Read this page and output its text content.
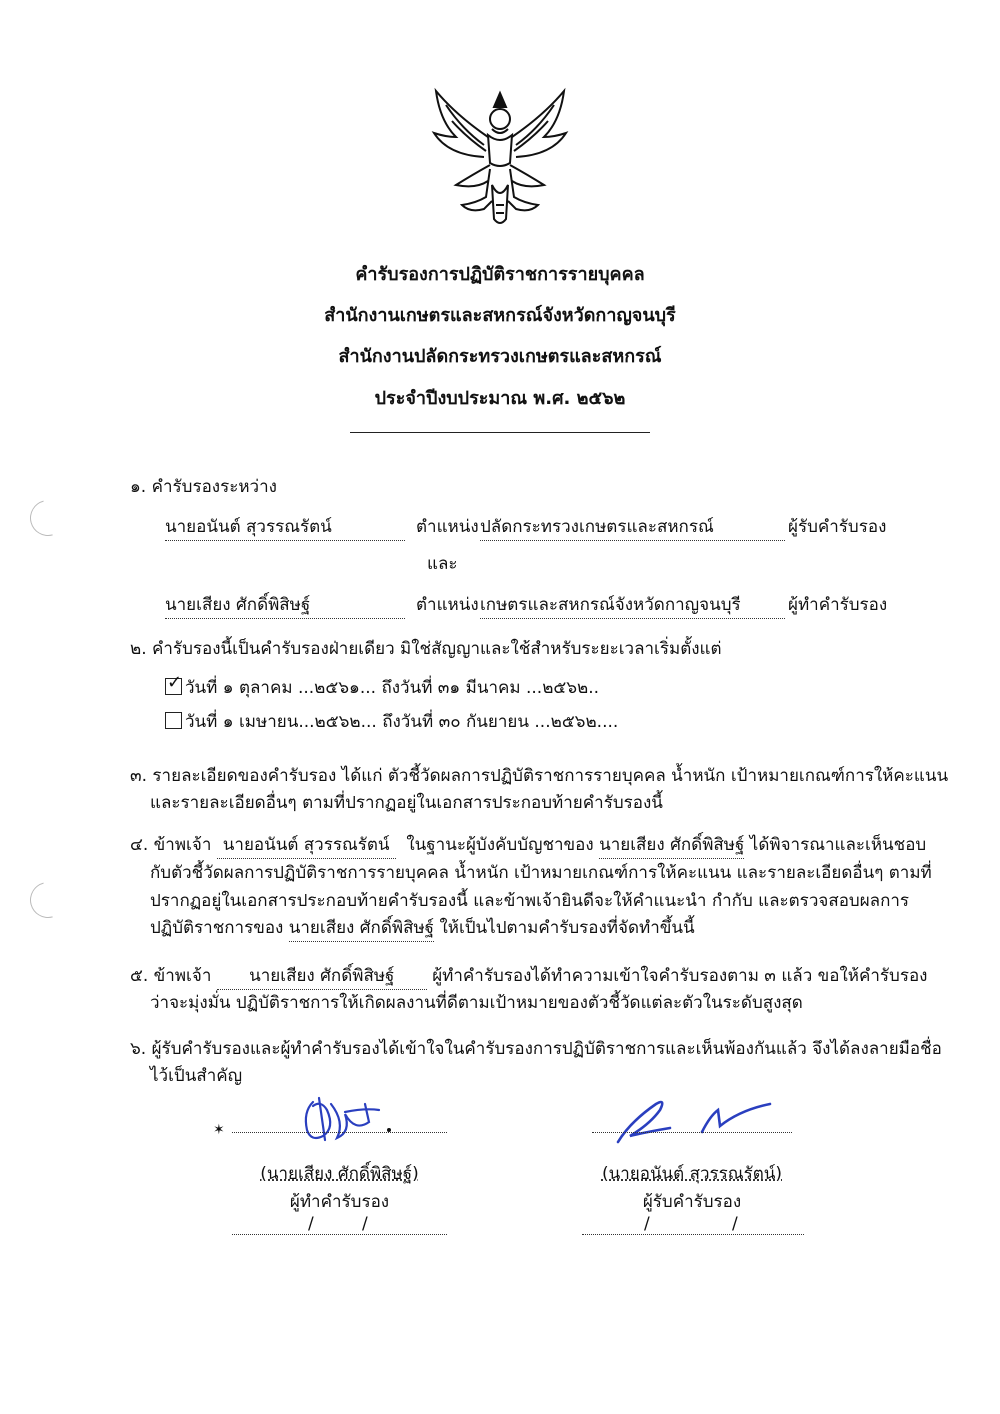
คำรับรองการปฏิบัติราชการรายบุคคล
สำนักงานเกษตรและสหกรณ์จังหวัดกาญจนบุรี
สำนักงานปลัดกระทรวงเกษตรและสหกรณ์
ประจำปีงบประมาณ พ.ศ. ๒๕๖๒
๑. คำรับรองระหว่าง
นายอนันต์ สุวรรณรัตน์	ตำแหน่ง ปลัดกระทรวงเกษตรและสหกรณ์	ผู้รับคำรับรอง
และ
นายเสียง ศักดิ์พิสิษฐ์	ตำแหน่ง เกษตรและสหกรณ์จังหวัดกาญจนบุรี	ผู้ทำคำรับรอง
๒. คำรับรองนี้เป็นคำรับรองฝ่ายเดียว มิใช่สัญญาและใช้สำหรับระยะเวลาเริ่มตั้งแต่
✓ วันที่ ๑ ตุลาคม ...๒๕๖๑... ถึงวันที่ ๓๑ มีนาคม ...๒๕๖๒..
วันที่ ๑ เมษายน...๒๕๖๒... ถึงวันที่ ๓๐ กันยายน ...๒๕๖๒....
๓. รายละเอียดของคำรับรอง ได้แก่ ตัวชี้วัดผลการปฏิบัติราชการรายบุคคล น้ำหนัก เป้าหมายเกณฑ์การให้คะแนน
และรายละเอียดอื่นๆ ตามที่ปรากฏอยู่ในเอกสารประกอบท้ายคำรับรองนี้
๔. ข้าพเจ้า นายอนันต์ สุวรรณรัตน์ ในฐานะผู้บังคับบัญชาของ นายเสียง ศักดิ์พิสิษฐ์ ได้พิจารณาและเห็นชอบ
กับตัวชี้วัดผลการปฏิบัติราชการรายบุคคล น้ำหนัก เป้าหมายเกณฑ์การให้คะแนน และรายละเอียดอื่นๆ ตามที่
ปรากฏอยู่ในเอกสารประกอบท้ายคำรับรองนี้ และข้าพเจ้ายินดีจะให้คำแนะนำ กำกับ และตรวจสอบผลการ
ปฏิบัติราชการของ นายเสียง ศักดิ์พิสิษฐ์ ให้เป็นไปตามคำรับรองที่จัดทำขึ้นนี้
๕. ข้าพเจ้า นายเสียง ศักดิ์พิสิษฐ์ ผู้ทำคำรับรองได้ทำความเข้าใจคำรับรองตาม ๓ แล้ว ขอให้คำรับรอง
ว่าจะมุ่งมั่น ปฏิบัติราชการให้เกิดผลงานที่ดีตามเป้าหมายของตัวชี้วัดแต่ละตัวในระดับสูงสุด
๖. ผู้รับคำรับรองและผู้ทำคำรับรองได้เข้าใจในคำรับรองการปฏิบัติราชการและเห็นพ้องกันแล้ว จึงได้ลงลายมือชื่อ
ไว้เป็นสำคัญ
✶
(นายเสียง ศักดิ์พิสิษฐ์)
ผู้ทำคำรับรอง
/	/
(นายอนันต์ สุวรรณรัตน์)
ผู้รับคำรับรอง
/	/
